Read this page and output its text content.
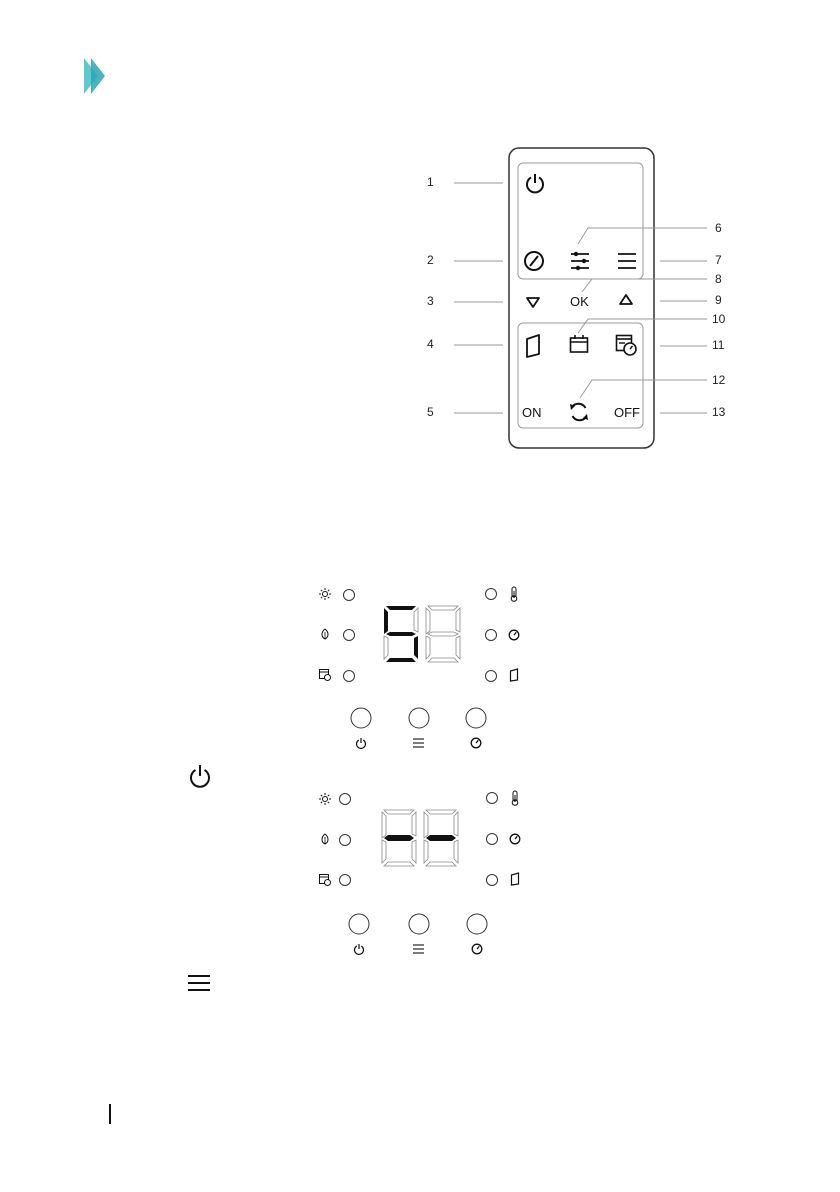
1
2
3
4
5
6
7
8
9
10
11
12
13
OK
ON	OFF
